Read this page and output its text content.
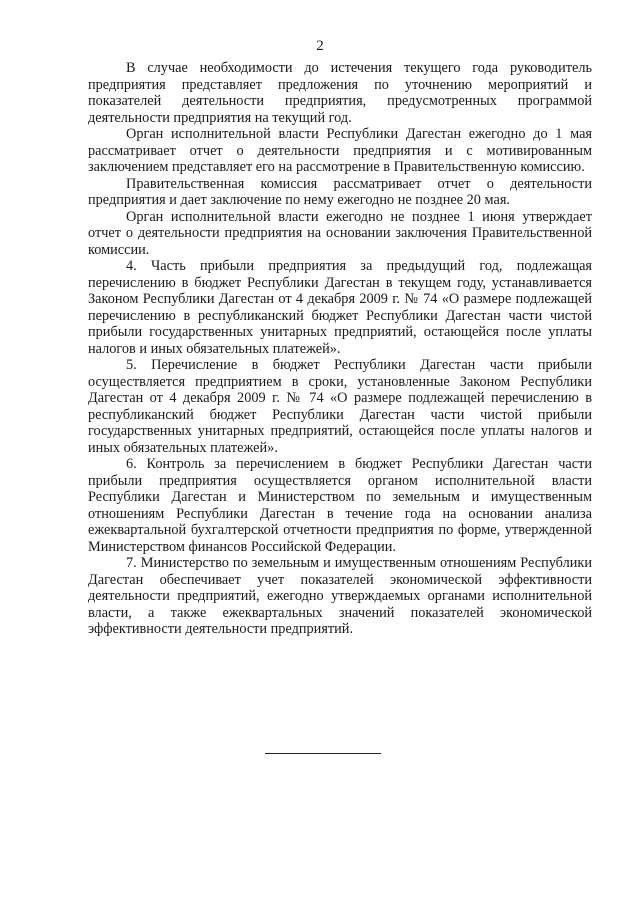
2

В случае необходимости до истечения текущего года руководитель предприятия представляет предложения по уточнению мероприятий и показателей деятельности предприятия, предусмотренных программой деятельности предприятия на текущий год.

Орган исполнительной власти Республики Дагестан ежегодно до 1 мая рассматривает отчет о деятельности предприятия и с мотивированным заключением представляет его на рассмотрение в Правительственную комиссию.

Правительственная комиссия рассматривает отчет о деятельности предприятия и дает заключение по нему ежегодно не позднее 20 мая.

Орган исполнительной власти ежегодно не позднее 1 июня утверждает отчет о деятельности предприятия на основании заключения Правительственной комиссии.

4. Часть прибыли предприятия за предыдущий год, подлежащая перечислению в бюджет Республики Дагестан в текущем году, устанавливается Законом Республики Дагестан от 4 декабря 2009 г. № 74 «О размере подлежащей перечислению в республиканский бюджет Республики Дагестан части чистой прибыли государственных унитарных предприятий, остающейся после уплаты налогов и иных обязательных платежей».

5. Перечисление в бюджет Республики Дагестан части прибыли осуществляется предприятием в сроки, установленные Законом Республики Дагестан от 4 декабря 2009 г. № 74 «О размере подлежащей перечислению в республиканский бюджет Республики Дагестан части чистой прибыли государственных унитарных предприятий, остающейся после уплаты налогов и иных обязательных платежей».

6. Контроль за перечислением в бюджет Республики Дагестан части прибыли предприятия осуществляется органом исполнительной власти Республики Дагестан и Министерством по земельным и имущественным отношениям Республики Дагестан в течение года на основании анализа ежеквартальной бухгалтерской отчетности предприятия по форме, утвержденной Министерством финансов Российской Федерации.

7. Министерство по земельным и имущественным отношениям Республики Дагестан обеспечивает учет показателей экономической эффективности деятельности предприятий, ежегодно утверждаемых органами исполнительной власти, а также ежеквартальных значений показателей экономической эффективности деятельности предприятий.
